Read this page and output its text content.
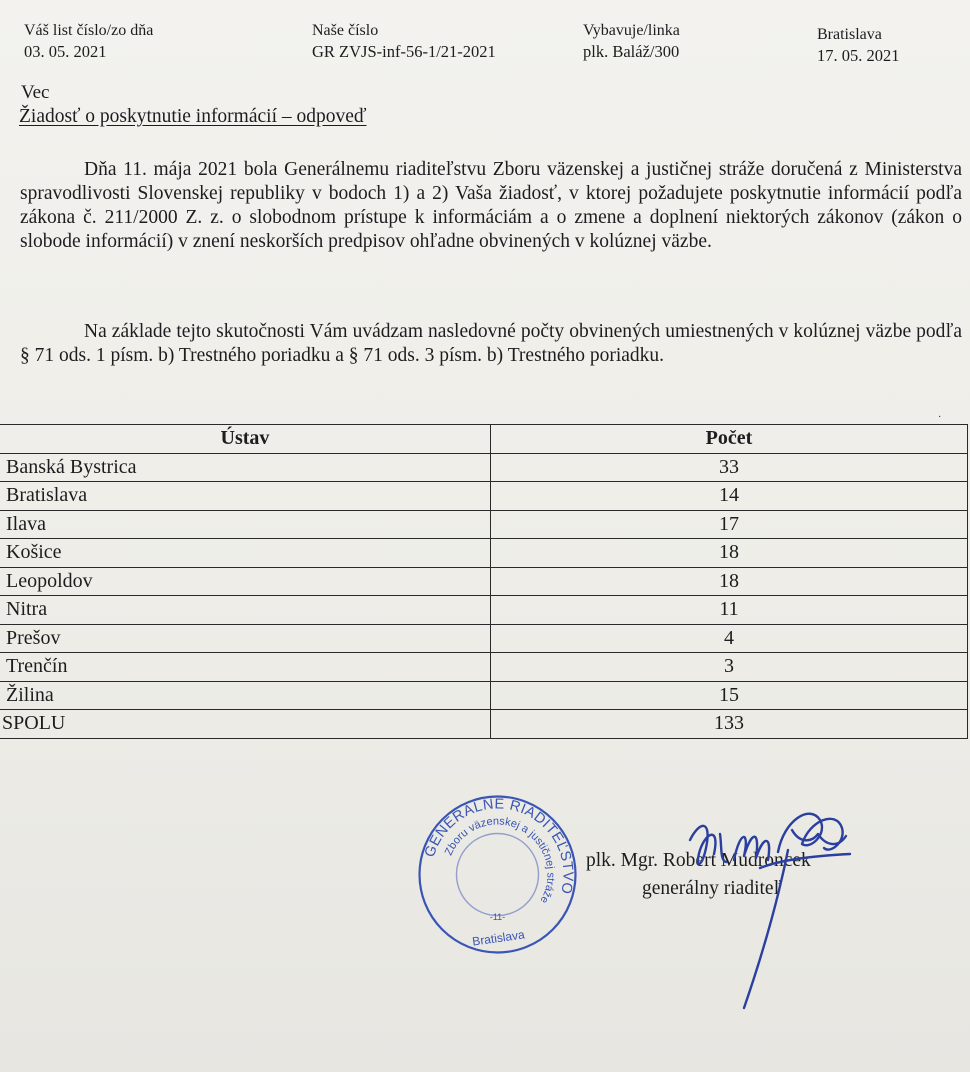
Váš list číslo/zo dňa
03. 05. 2021
Naše číslo
GR ZVJS-inf-56-1/21-2021
Vybavuje/linka
plk. Baláž/300
Bratislava
17. 05. 2021
Vec
Žiadosť o poskytnutie informácií – odpoveď
Dňa 11. mája 2021 bola Generálnemu riaditeľstvu Zboru väzenskej a justičnej stráže doručená z Ministerstva spravodlivosti Slovenskej republiky v bodoch 1) a 2) Vaša žiadosť, v ktorej požadujete poskytnutie informácií podľa zákona č. 211/2000 Z. z. o slobodnom prístupe k informáciám a o zmene a doplnení niektorých zákonov (zákon o slobode informácií) v znení neskorších predpisov ohľadne obvinených v kolúznej väzbe.
Na základe tejto skutočnosti Vám uvádzam nasledovné počty obvinených umiestnených v kolúznej väzbe podľa § 71 ods. 1 písm. b) Trestného poriadku a § 71 ods. 3 písm. b) Trestného poriadku.
·
Ústav	Počet
Banská Bystrica	33
Bratislava	14
Ilava	17
Košice	18
Leopoldov	18
Nitra	11
Prešov	4
Trenčín	3
Žilina	15
SPOLU	133
GENERÁLNE RIADITEĽSTVO
Zboru väzenskej a justičnej stráže
-11-
Bratislava
plk. Mgr. Robert Mudroncek
generálny riaditeľ
